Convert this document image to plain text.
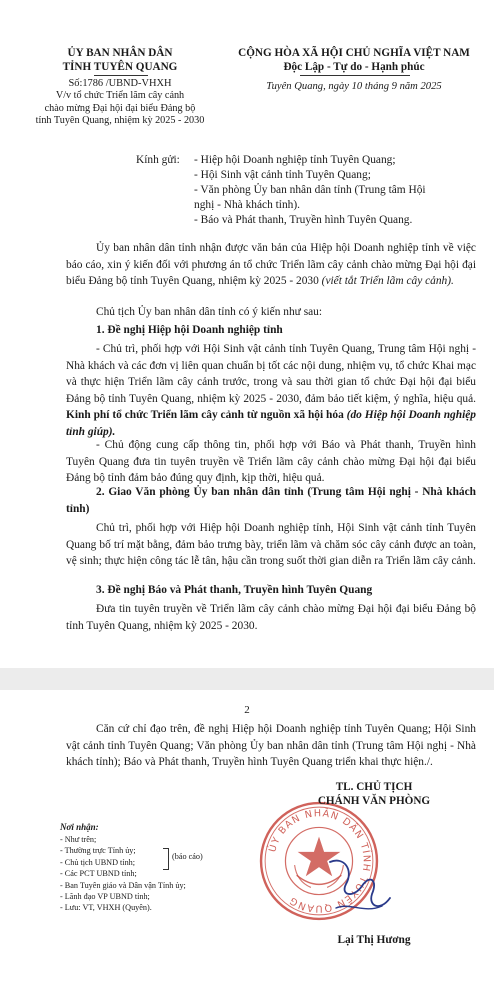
ỦY BAN NHÂN DÂN
TỈNH TUYÊN QUANG
Số:1786 /UBND-VHXH
V/v tổ chức Triển lãm cây cảnh
chào mừng Đại hội đại biểu Đảng bộ
tỉnh Tuyên Quang, nhiệm kỳ 2025 - 2030
CỘNG HÒA XÃ HỘI CHỦ NGHĨA VIỆT NAM
Độc Lập - Tự do - Hạnh phúc
Tuyên Quang, ngày 10 tháng 9 năm 2025
Kính gửi: - Hiệp hội Doanh nghiệp tỉnh Tuyên Quang;
- Hội Sinh vật cảnh tỉnh Tuyên Quang;
- Văn phòng Ủy ban nhân dân tỉnh (Trung tâm Hội
nghị - Nhà khách tỉnh).
- Báo và Phát thanh, Truyền hình Tuyên Quang.
Ủy ban nhân dân tỉnh nhận được văn bản của Hiệp hội Doanh nghiệp tỉnh về việc báo cáo, xin ý kiến đối với phương án tổ chức Triển lãm cây cảnh chào mừng Đại hội đại biểu Đảng bộ tỉnh Tuyên Quang, nhiệm kỳ 2025 - 2030 (viết tắt Triển lãm cây cảnh).
Chủ tịch Ủy ban nhân dân tỉnh có ý kiến như sau:
1. Đề nghị Hiệp hội Doanh nghiệp tỉnh
- Chủ trì, phối hợp với Hội Sinh vật cảnh tỉnh Tuyên Quang, Trung tâm Hội nghị - Nhà khách và các đơn vị liên quan chuẩn bị tốt các nội dung, nhiệm vụ, tổ chức Khai mạc và thực hiện Triển lãm cây cảnh trước, trong và sau thời gian tổ chức Đại hội đại biểu Đảng bộ tỉnh Tuyên Quang, nhiệm kỳ 2025 - 2030, đảm bảo tiết kiệm, ý nghĩa, hiệu quả. Kinh phí tổ chức Triển lãm cây cảnh từ nguồn xã hội hóa (do Hiệp hội Doanh nghiệp tỉnh giúp).
- Chủ động cung cấp thông tin, phối hợp với Báo và Phát thanh, Truyền hình Tuyên Quang đưa tin tuyên truyền về Triển lãm cây cảnh chào mừng Đại hội đại biểu Đảng bộ tỉnh đảm bảo đúng quy định, kịp thời, hiệu quả.
2. Giao Văn phòng Ủy ban nhân dân tỉnh (Trung tâm Hội nghị - Nhà khách tỉnh)
Chủ trì, phối hợp với Hiệp hội Doanh nghiệp tỉnh, Hội Sinh vật cảnh tỉnh Tuyên Quang bố trí mặt bằng, đảm bảo trưng bày, triển lãm và chăm sóc cây cảnh được an toàn, vệ sinh; thực hiện công tác lễ tân, hậu cần trong suốt thời gian diễn ra Triển lãm cây cảnh.
3. Đề nghị Báo và Phát thanh, Truyền hình Tuyên Quang
Đưa tin tuyên truyền về Triển lãm cây cảnh chào mừng Đại hội đại biểu Đảng bộ tỉnh Tuyên Quang, nhiệm kỳ 2025 - 2030.
2
Căn cứ chỉ đạo trên, đề nghị Hiệp hội Doanh nghiệp tỉnh Tuyên Quang; Hội Sinh vật cảnh tỉnh Tuyên Quang; Văn phòng Ủy ban nhân dân tỉnh (Trung tâm Hội nghị - Nhà khách tỉnh); Báo và Phát thanh, Truyền hình Tuyên Quang triển khai thực hiện./.
ỦY BAN NHÂN DÂN TỈNH TUYÊN QUANG
TL. CHỦ TỊCH
CHÁNH VĂN PHÒNG
Lại Thị Hương
Nơi nhận:
- Như trên;
- Thường trực Tỉnh ủy;
- Chủ tịch UBND tỉnh;
- Các PCT UBND tỉnh;
- Ban Tuyên giáo và Dân vận Tỉnh ủy;
- Lãnh đạo VP UBND tỉnh;
- Lưu: VT, VHXH (Quyên).
(báo cáo)
